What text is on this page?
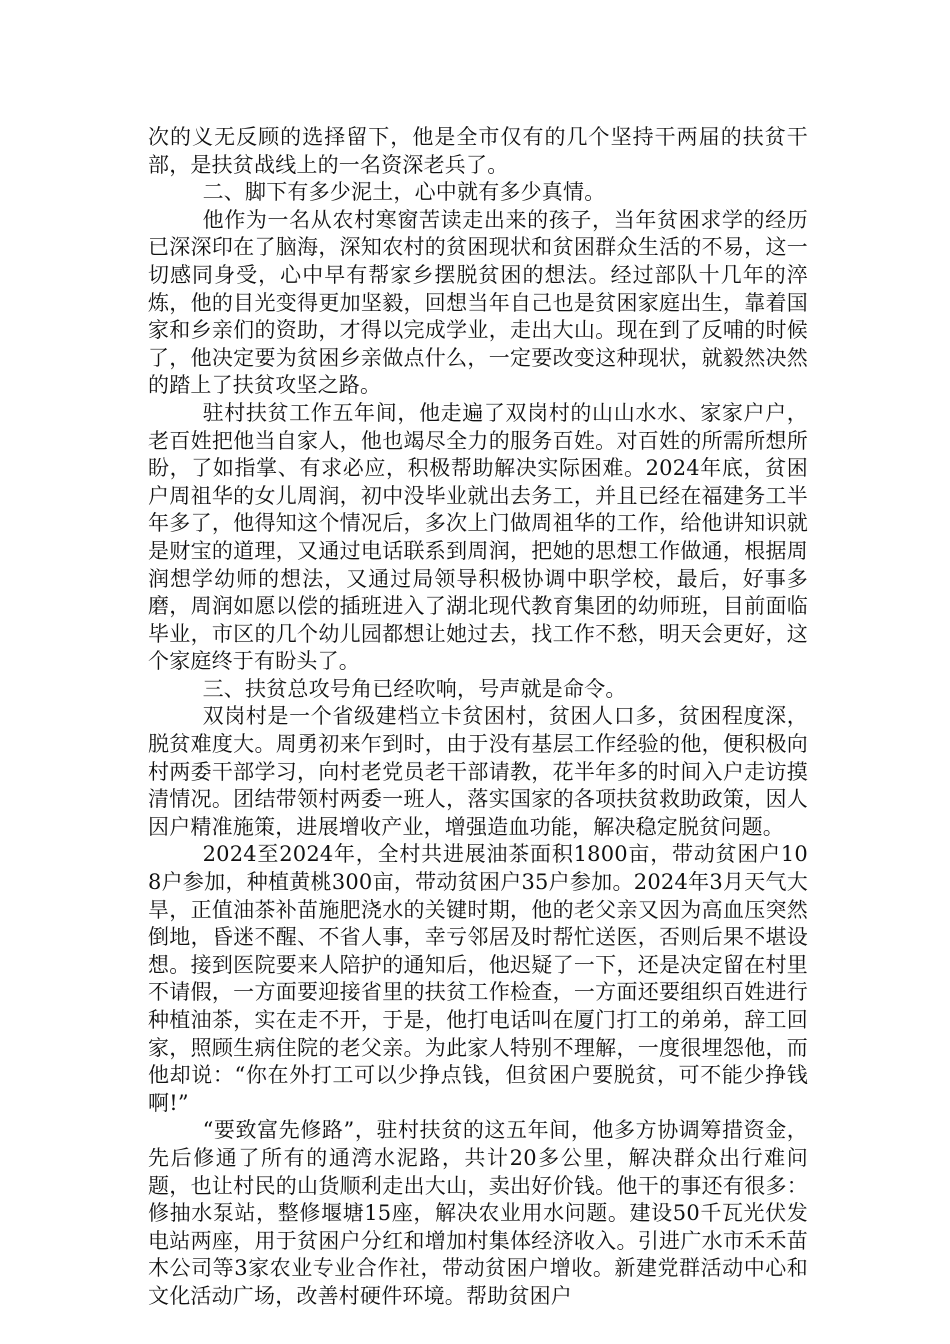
次的义无反顾的选择留下，他是全市仅有的几个坚持干两届的扶贫干部，是扶贫战线上的一名资深老兵了。

二、脚下有多少泥土，心中就有多少真情。

他作为一名从农村寒窗苦读走出来的孩子，当年贫困求学的经历已深深印在了脑海，深知农村的贫困现状和贫困群众生活的不易，这一切感同身受，心中早有帮家乡摆脱贫困的想法。经过部队十几年的淬炼，他的目光变得更加坚毅，回想当年自己也是贫困家庭出生，靠着国家和乡亲们的资助，才得以完成学业，走出大山。现在到了反哺的时候了，他决定要为贫困乡亲做点什么，一定要改变这种现状，就毅然决然的踏上了扶贫攻坚之路。

驻村扶贫工作五年间，他走遍了双岗村的山山水水、家家户户，老百姓把他当自家人，他也竭尽全力的服务百姓。对百姓的所需所想所盼，了如指掌、有求必应，积极帮助解决实际困难。2024年底，贫困户周祖华的女儿周润，初中没毕业就出去务工，并且已经在福建务工半年多了，他得知这个情况后，多次上门做周祖华的工作，给他讲知识就是财宝的道理，又通过电话联系到周润，把她的思想工作做通，根据周润想学幼师的想法，又通过局领导积极协调中职学校，最后，好事多磨，周润如愿以偿的插班进入了湖北现代教育集团的幼师班，目前面临毕业，市区的几个幼儿园都想让她过去，找工作不愁，明天会更好，这个家庭终于有盼头了。

三、扶贫总攻号角已经吹响，号声就是命令。

双岗村是一个省级建档立卡贫困村，贫困人口多，贫困程度深，脱贫难度大。周勇初来乍到时，由于没有基层工作经验的他，便积极向村两委干部学习，向村老党员老干部请教，花半年多的时间入户走访摸清情况。团结带领村两委一班人，落实国家的各项扶贫救助政策，因人因户精准施策，进展增收产业，增强造血功能，解决稳定脱贫问题。

2024至2024年，全村共进展油茶面积1800亩，带动贫困户108户参加，种植黄桃300亩，带动贫困户35户参加。2024年3月天气大旱，正值油茶补苗施肥浇水的关键时期，他的老父亲又因为高血压突然倒地，昏迷不醒、不省人事，幸亏邻居及时帮忙送医，否则后果不堪设想。接到医院要来人陪护的通知后，他迟疑了一下，还是决定留在村里不请假，一方面要迎接省里的扶贫工作检查，一方面还要组织百姓进行种植油茶，实在走不开，于是，他打电话叫在厦门打工的弟弟，辞工回家，照顾生病住院的老父亲。为此家人特别不理解，一度很埋怨他，而他却说：“你在外打工可以少挣点钱，但贫困户要脱贫，可不能少挣钱啊!”

“要致富先修路”，驻村扶贫的这五年间，他多方协调筹措资金，先后修通了所有的通湾水泥路，共计20多公里，解决群众出行难问题，也让村民的山货顺利走出大山，卖出好价钱。他干的事还有很多：修抽水泵站，整修堰塘15座，解决农业用水问题。建设50千瓦光伏发电站两座，用于贫困户分红和增加村集体经济收入。引进广水市禾禾苗木公司等3家农业专业合作社，带动贫困户增收。新建党群活动中心和文化活动广场，改善村硬件环境。帮助贫困户
